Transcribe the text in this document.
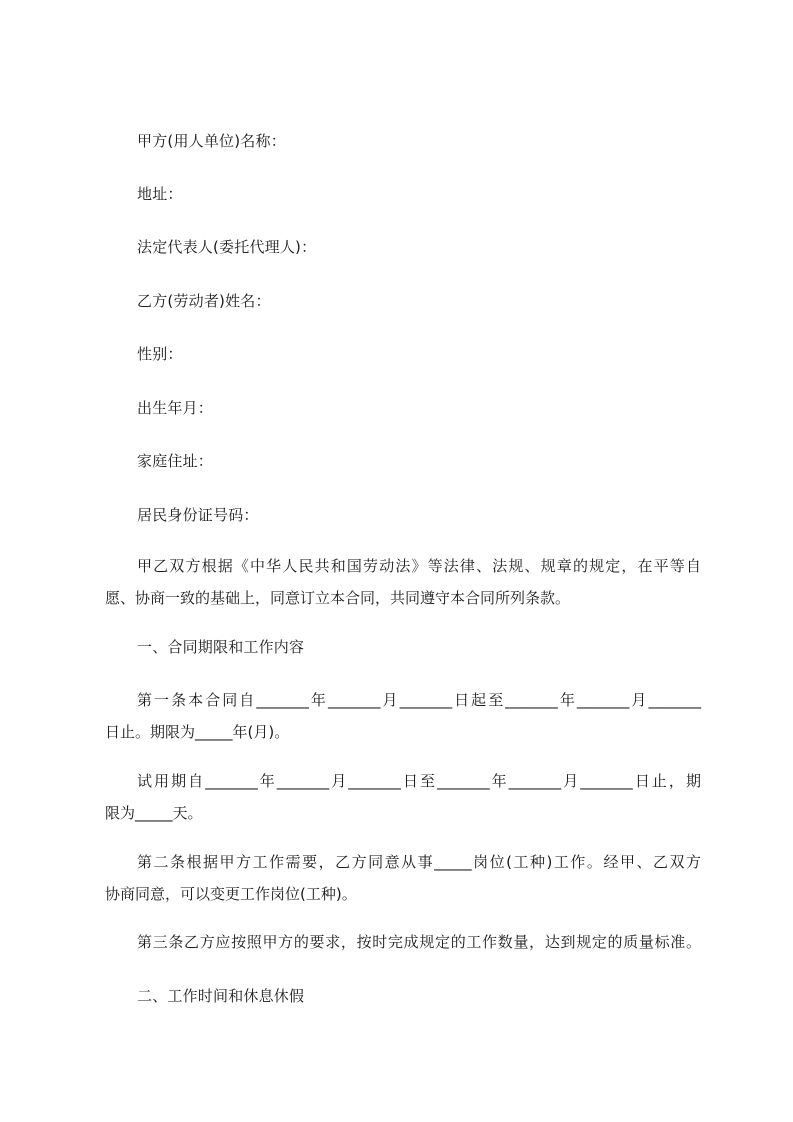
甲方(用人单位)名称：
地址：
法定代表人(委托代理人)：
乙方(劳动者)姓名：
性别：
出生年月：
家庭住址：
居民身份证号码：
甲乙双方根据《中华人民共和国劳动法》等法律、法规、规章的规定，在平等自
愿、协商一致的基础上，同意订立本合同，共同遵守本合同所列条款。
一、合同期限和工作内容
第一条本合同自_______年_______月_______日起至_______年_______月_______
日止。期限为_____年(月)。
试用期自_______年_______月_______日至_______年_______月_______日止，期
限为_____天。
第二条根据甲方工作需要，乙方同意从事_____岗位(工种)工作。经甲、乙双方
协商同意，可以变更工作岗位(工种)。
第三条乙方应按照甲方的要求，按时完成规定的工作数量，达到规定的质量标准。
二、工作时间和休息休假
